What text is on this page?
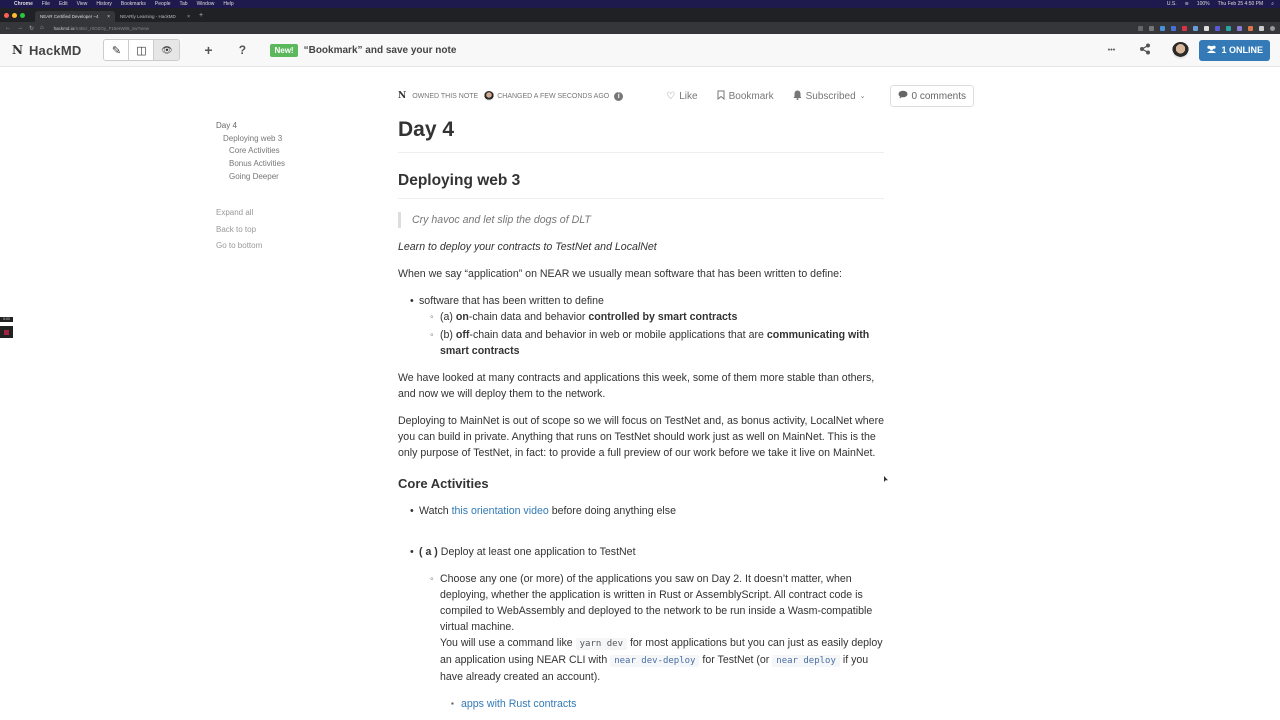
Chrome File Edit View History Bookmarks People Tab Window Help	U.S. ≋ 100% Thu Feb 25 4:50 PM ⌕
NEAR Certified Developer –4	× NEARly Learning - HackMD	× +
← → ↻ ⌂ hackmd.io/X4Bcr_r0OZOy_F15eIW85_sw?view
N HackMD	✎ ◫ 👁 + ?	New!	“Bookmark” and save your note	•••	1 ONLINE
Day 4
Deploying web 3
Core Activities
Bonus Activities
Going Deeper
Expand all
Back to top
Go to bottom
5:00
N OWNED THIS NOTE	CHANGED A FEW SECONDS AGO	i	♡ Like	Bookmark	Subscribed ⌄	0 comments
Day 4
Deploying web 3
Cry havoc and let slip the dogs of DLT

Learn to deploy your contracts to TestNet and LocalNet

When we say “application” on NEAR we usually mean software that has been written to define:

• software that has been written to define
◦ (a) on-chain data and behavior controlled by smart contracts
◦ (b) off-chain data and behavior in web or mobile applications that are communicating with smart contracts

We have looked at many contracts and applications this week, some of them more stable than others, and now we will deploy them to the network.

Deploying to MainNet is out of scope so we will focus on TestNet and, as bonus activity, LocalNet where you can build in private. Anything that runs on TestNet should work just as well on MainNet. This is the only purpose of TestNet, in fact: to provide a full preview of our work before we take it live on MainNet.

Core Activities
• Watch this orientation video before doing anything else
• ( a ) Deploy at least one application to TestNet
◦ Choose any one (or more) of the applications you saw on Day 2. It doesn’t matter, when deploying, whether the application is written in Rust or AssemblyScript. All contract code is compiled to WebAssembly and deployed to the network to be run inside a Wasm-compatible virtual machine.
You will use a command like yarn dev for most applications but you can just as easily deploy an application using NEAR CLI with near dev-deploy for TestNet (or near deploy if you have already created an account).
▪ apps with Rust contracts
